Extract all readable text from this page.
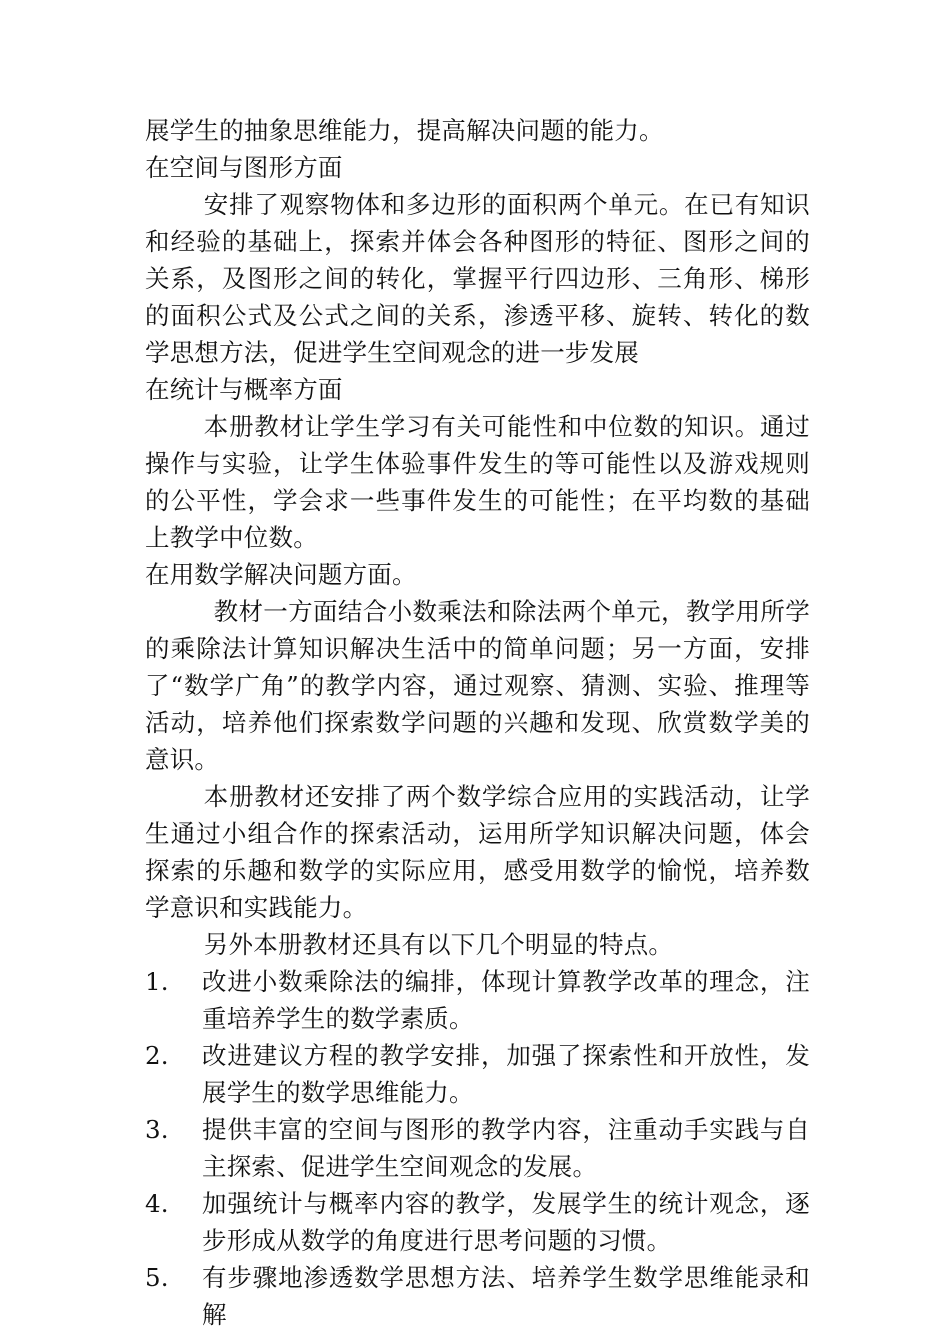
展学生的抽象思维能力，提高解决问题的能力。

在空间与图形方面

安排了观察物体和多边形的面积两个单元。在已有知识和经验的基础上，探索并体会各种图形的特征、图形之间的关系，及图形之间的转化，掌握平行四边形、三角形、梯形的面积公式及公式之间的关系，渗透平移、旋转、转化的数学思想方法，促进学生空间观念的进一步发展

在统计与概率方面

本册教材让学生学习有关可能性和中位数的知识。通过操作与实验，让学生体验事件发生的等可能性以及游戏规则的公平性，学会求一些事件发生的可能性；在平均数的基础上教学中位数。

在用数学解决问题方面。

教材一方面结合小数乘法和除法两个单元，教学用所学的乘除法计算知识解决生活中的简单问题；另一方面，安排了“数学广角”的教学内容，通过观察、猜测、实验、推理等活动，培养他们探索数学问题的兴趣和发现、欣赏数学美的意识。

本册教材还安排了两个数学综合应用的实践活动，让学生通过小组合作的探索活动，运用所学知识解决问题，体会探索的乐趣和数学的实际应用，感受用数学的愉悦，培养数学意识和实践能力。

另外本册教材还具有以下几个明显的特点。

1. 改进小数乘除法的编排，体现计算教学改革的理念，注重培养学生的数学素质。
2. 改进建议方程的教学安排，加强了探索性和开放性，发展学生的数学思维能力。
3. 提供丰富的空间与图形的教学内容，注重动手实践与自主探索、促进学生空间观念的发展。
4. 加强统计与概率内容的教学，发展学生的统计观念，逐步形成从数学的角度进行思考问题的习惯。
5. 有步骤地渗透数学思想方法、培养学生数学思维能录和解
